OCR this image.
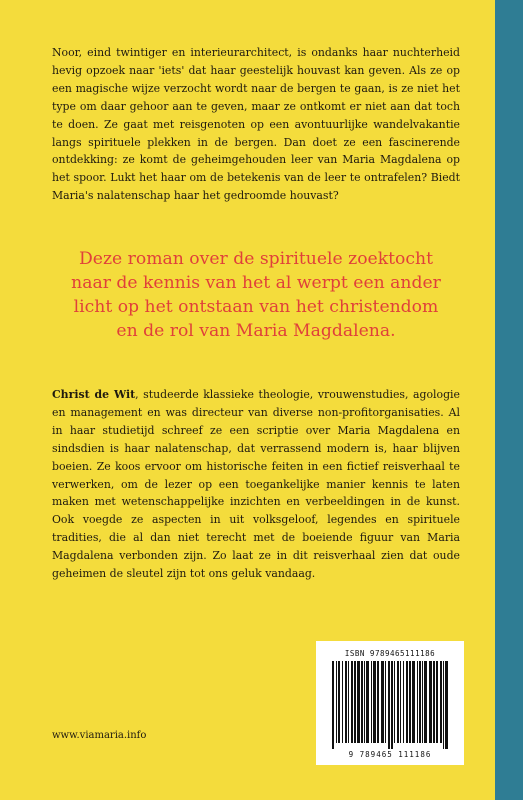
Noor, eind twintiger en interieurarchitect, is ondanks haar nuchterheid hevig opzoek naar 'iets' dat haar geestelijk houvast kan geven. Als ze op een magische wijze verzocht wordt naar de bergen te gaan, is ze niet het type om daar gehoor aan te geven, maar ze ontkomt er niet aan dat toch te doen. Ze gaat met reisgenoten op een avontuurlijke wandelvakantie langs spirituele plekken in de bergen. Dan doet ze een fascinerende ontdekking: ze komt de geheimgehouden leer van Maria Magdalena op het spoor. Lukt het haar om de betekenis van de leer te ontrafelen? Biedt Maria's nalatenschap haar het gedroomde houvast?

Deze roman over de spirituele zoektocht naar de kennis van het al werpt een ander licht op het ontstaan van het christendom en de rol van Maria Magdalena.

Christ de Wit, studeerde klassieke theologie, vrouwenstudies, agologie en management en was directeur van diverse non-profitorganisaties. Al in haar studietijd schreef ze een scriptie over Maria Magdalena en sindsdien is haar nalatenschap, dat verrassend modern is, haar blijven boeien. Ze koos ervoor om historische feiten in een fictief reisverhaal te verwerken, om de lezer op een toegankelijke manier kennis te laten maken met wetenschappelijke inzichten en verbeeldingen in de kunst. Ook voegde ze aspecten in uit volksgeloof, legendes en spirituele tradities, die al dan niet terecht met de boeiende figuur van Maria Magdalena verbonden zijn. Zo laat ze in dit reisverhaal zien dat oude geheimen de sleutel zijn tot ons geluk vandaag.

www.viamaria.info
ISBN 9789465111186
9 789465 111186
